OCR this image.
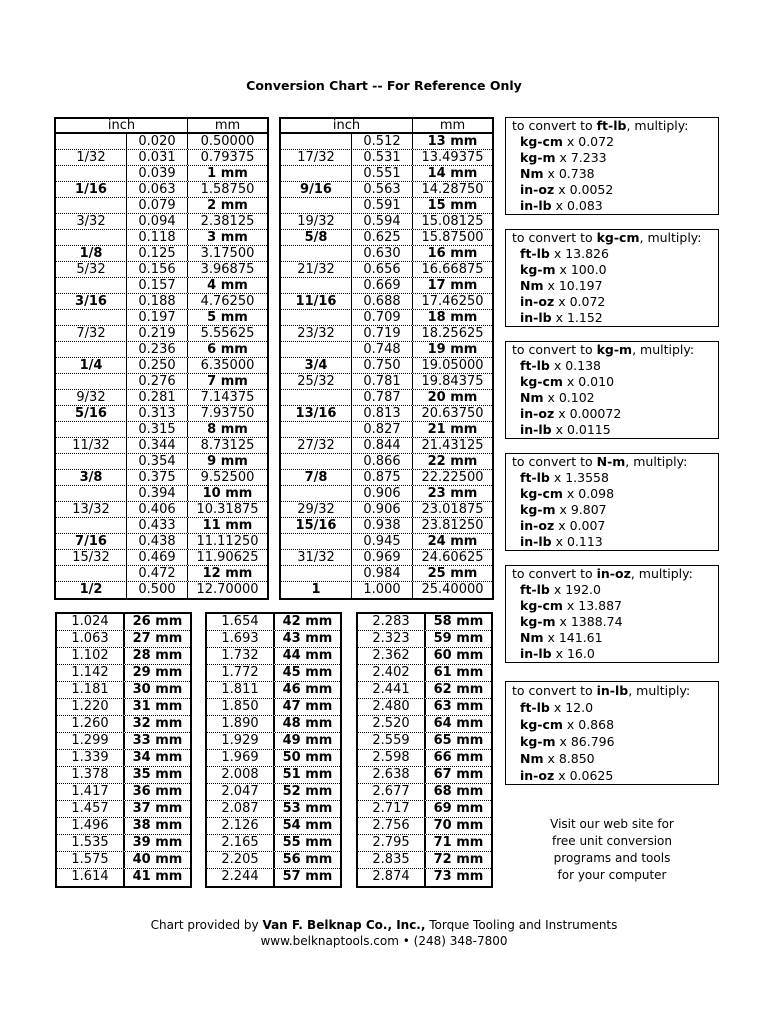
Conversion Chart -- For Reference Only
inch	mm
0.020	0.50000
1/32	0.031	0.79375
0.039	1 mm
1/16	0.063	1.58750
0.079	2 mm
3/32	0.094	2.38125
0.118	3 mm
1/8	0.125	3.17500
5/32	0.156	3.96875
0.157	4 mm
3/16	0.188	4.76250
0.197	5 mm
7/32	0.219	5.55625
0.236	6 mm
1/4	0.250	6.35000
0.276	7 mm
9/32	0.281	7.14375
5/16	0.313	7.93750
0.315	8 mm
11/32	0.344	8.73125
0.354	9 mm
3/8	0.375	9.52500
0.394	10 mm
13/32	0.406	10.31875
0.433	11 mm
7/16	0.438	11.11250
15/32	0.469	11.90625
0.472	12 mm
1/2	0.500	12.70000
inch	mm
0.512	13 mm
17/32	0.531	13.49375
0.551	14 mm
9/16	0.563	14.28750
0.591	15 mm
19/32	0.594	15.08125
5/8	0.625	15.87500
0.630	16 mm
21/32	0.656	16.66875
0.669	17 mm
11/16	0.688	17.46250
0.709	18 mm
23/32	0.719	18.25625
0.748	19 mm
3/4	0.750	19.05000
25/32	0.781	19.84375
0.787	20 mm
13/16	0.813	20.63750
0.827	21 mm
27/32	0.844	21.43125
0.866	22 mm
7/8	0.875	22.22500
0.906	23 mm
29/32	0.906	23.01875
15/16	0.938	23.81250
0.945	24 mm
31/32	0.969	24.60625
0.984	25 mm
1	1.000	25.40000
to convert to ft-lb, multiply:
kg-cm x 0.072
kg-m x 7.233
Nm x 0.738
in-oz x 0.0052
in-lb x 0.083
to convert to kg-cm, multiply:
ft-lb x 13.826
kg-m x 100.0
Nm x 10.197
in-oz x 0.072
in-lb x 1.152
to convert to kg-m, multiply:
ft-lb x 0.138
kg-cm x 0.010
Nm x 0.102
in-oz x 0.00072
in-lb x 0.0115
to convert to N-m, multiply:
ft-lb x 1.3558
kg-cm x 0.098
kg-m x 9.807
in-oz x 0.007
in-lb x 0.113
to convert to in-oz, multiply:
ft-lb x 192.0
kg-cm x 13.887
kg-m x 1388.74
Nm x 141.61
in-lb x 16.0
to convert to in-lb, multiply:
ft-lb x 12.0
kg-cm x 0.868
kg-m x 86.796
Nm x 8.850
in-oz x 0.0625
1.024	26 mm
1.063	27 mm
1.102	28 mm
1.142	29 mm
1.181	30 mm
1.220	31 mm
1.260	32 mm
1.299	33 mm
1.339	34 mm
1.378	35 mm
1.417	36 mm
1.457	37 mm
1.496	38 mm
1.535	39 mm
1.575	40 mm
1.614	41 mm
1.654	42 mm
1.693	43 mm
1.732	44 mm
1.772	45 mm
1.811	46 mm
1.850	47 mm
1.890	48 mm
1.929	49 mm
1.969	50 mm
2.008	51 mm
2.047	52 mm
2.087	53 mm
2.126	54 mm
2.165	55 mm
2.205	56 mm
2.244	57 mm
2.283	58 mm
2.323	59 mm
2.362	60 mm
2.402	61 mm
2.441	62 mm
2.480	63 mm
2.520	64 mm
2.559	65 mm
2.598	66 mm
2.638	67 mm
2.677	68 mm
2.717	69 mm
2.756	70 mm
2.795	71 mm
2.835	72 mm
2.874	73 mm
Visit our web site for
free unit conversion
programs and tools
for your computer
Chart provided by Van F. Belknap Co., Inc., Torque Tooling and Instruments
www.belknaptools.com • (248) 348-7800
